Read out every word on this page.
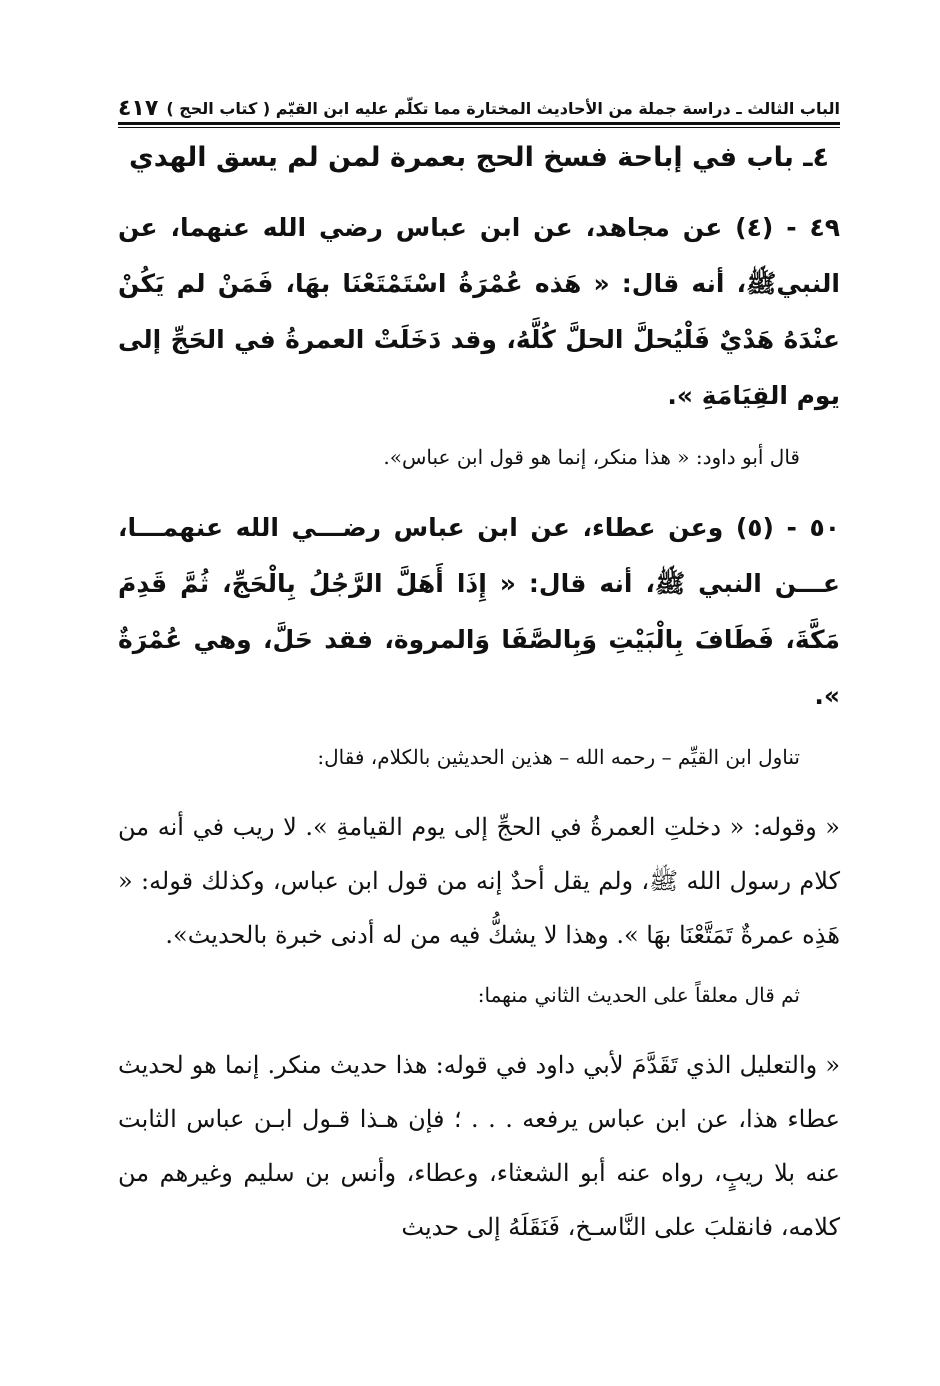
الباب الثالث ـ دراسة جملة من الأحاديث المختارة مما تكلّم عليه ابن القيّم ( كتاب الحج )
٤١٧
٤ـ باب في إباحة فسخ الحج بعمرة لمن لم يسق الهدي

٤٩ - (٤) عن مجاهد، عن ابن عباس رضي الله عنهما، عن النبيﷺ، أنه قال: « هَذه عُمْرَةُ اسْتَمْتَعْنَا بهَا، فَمَنْ لم يَكُنْ عنْدَهُ هَدْيٌ فَلْيُحلَّ الحلَّ كُلَّهُ، وقد دَخَلَتْ العمرةُ في الحَجِّ إلى يوم القِيَامَةِ ».

قال أبو داود: « هذا منكر، إنما هو قول ابن عباس».

٥٠ - (٥) وعن عطاء، عن ابن عباس رضـــي الله عنهمـــا، عـــن النبي ﷺ، أنه قال: « إِذَا أَهَلَّ الرَّجُلُ بِالْحَجِّ، ثُمَّ قَدِمَ مَكَّةَ، فَطَافَ بِالْبَيْتِ وَبِالصَّفَا وَالمروة، فقد حَلَّ، وهي عُمْرَةٌ ».

تناول ابن القيِّم – رحمه الله – هذين الحديثين بالكلام، فقال:

« وقوله: « دخلتِ العمرةُ في الحجِّ إلى يوم القيامةِ ». لا ريب في أنه من كلام رسول الله ﷺ، ولم يقل أحدٌ إنه من قول ابن عباس، وكذلك قوله: « هَذِه عمرةٌ تَمَتَّعْنَا بهَا ». وهذا لا يشكُّ فيه من له أدنى خبرة بالحديث».

ثم قال معلقاً على الحديث الثاني منهما:

« والتعليل الذي تَقَدَّمَ لأبي داود في قوله: هذا حديث منكر. إنما هو لحديث عطاء هذا، عن ابن عباس يرفعه . . . ؛ فإن هـذا قـول ابـن عباس الثابت عنه بلا ريبٍ، رواه عنه أبو الشعثاء، وعطاء، وأنس بن سليم وغيرهم من كلامه، فانقلبَ على النَّاسـخ، فَنَقَلَهُ إلى حديث
